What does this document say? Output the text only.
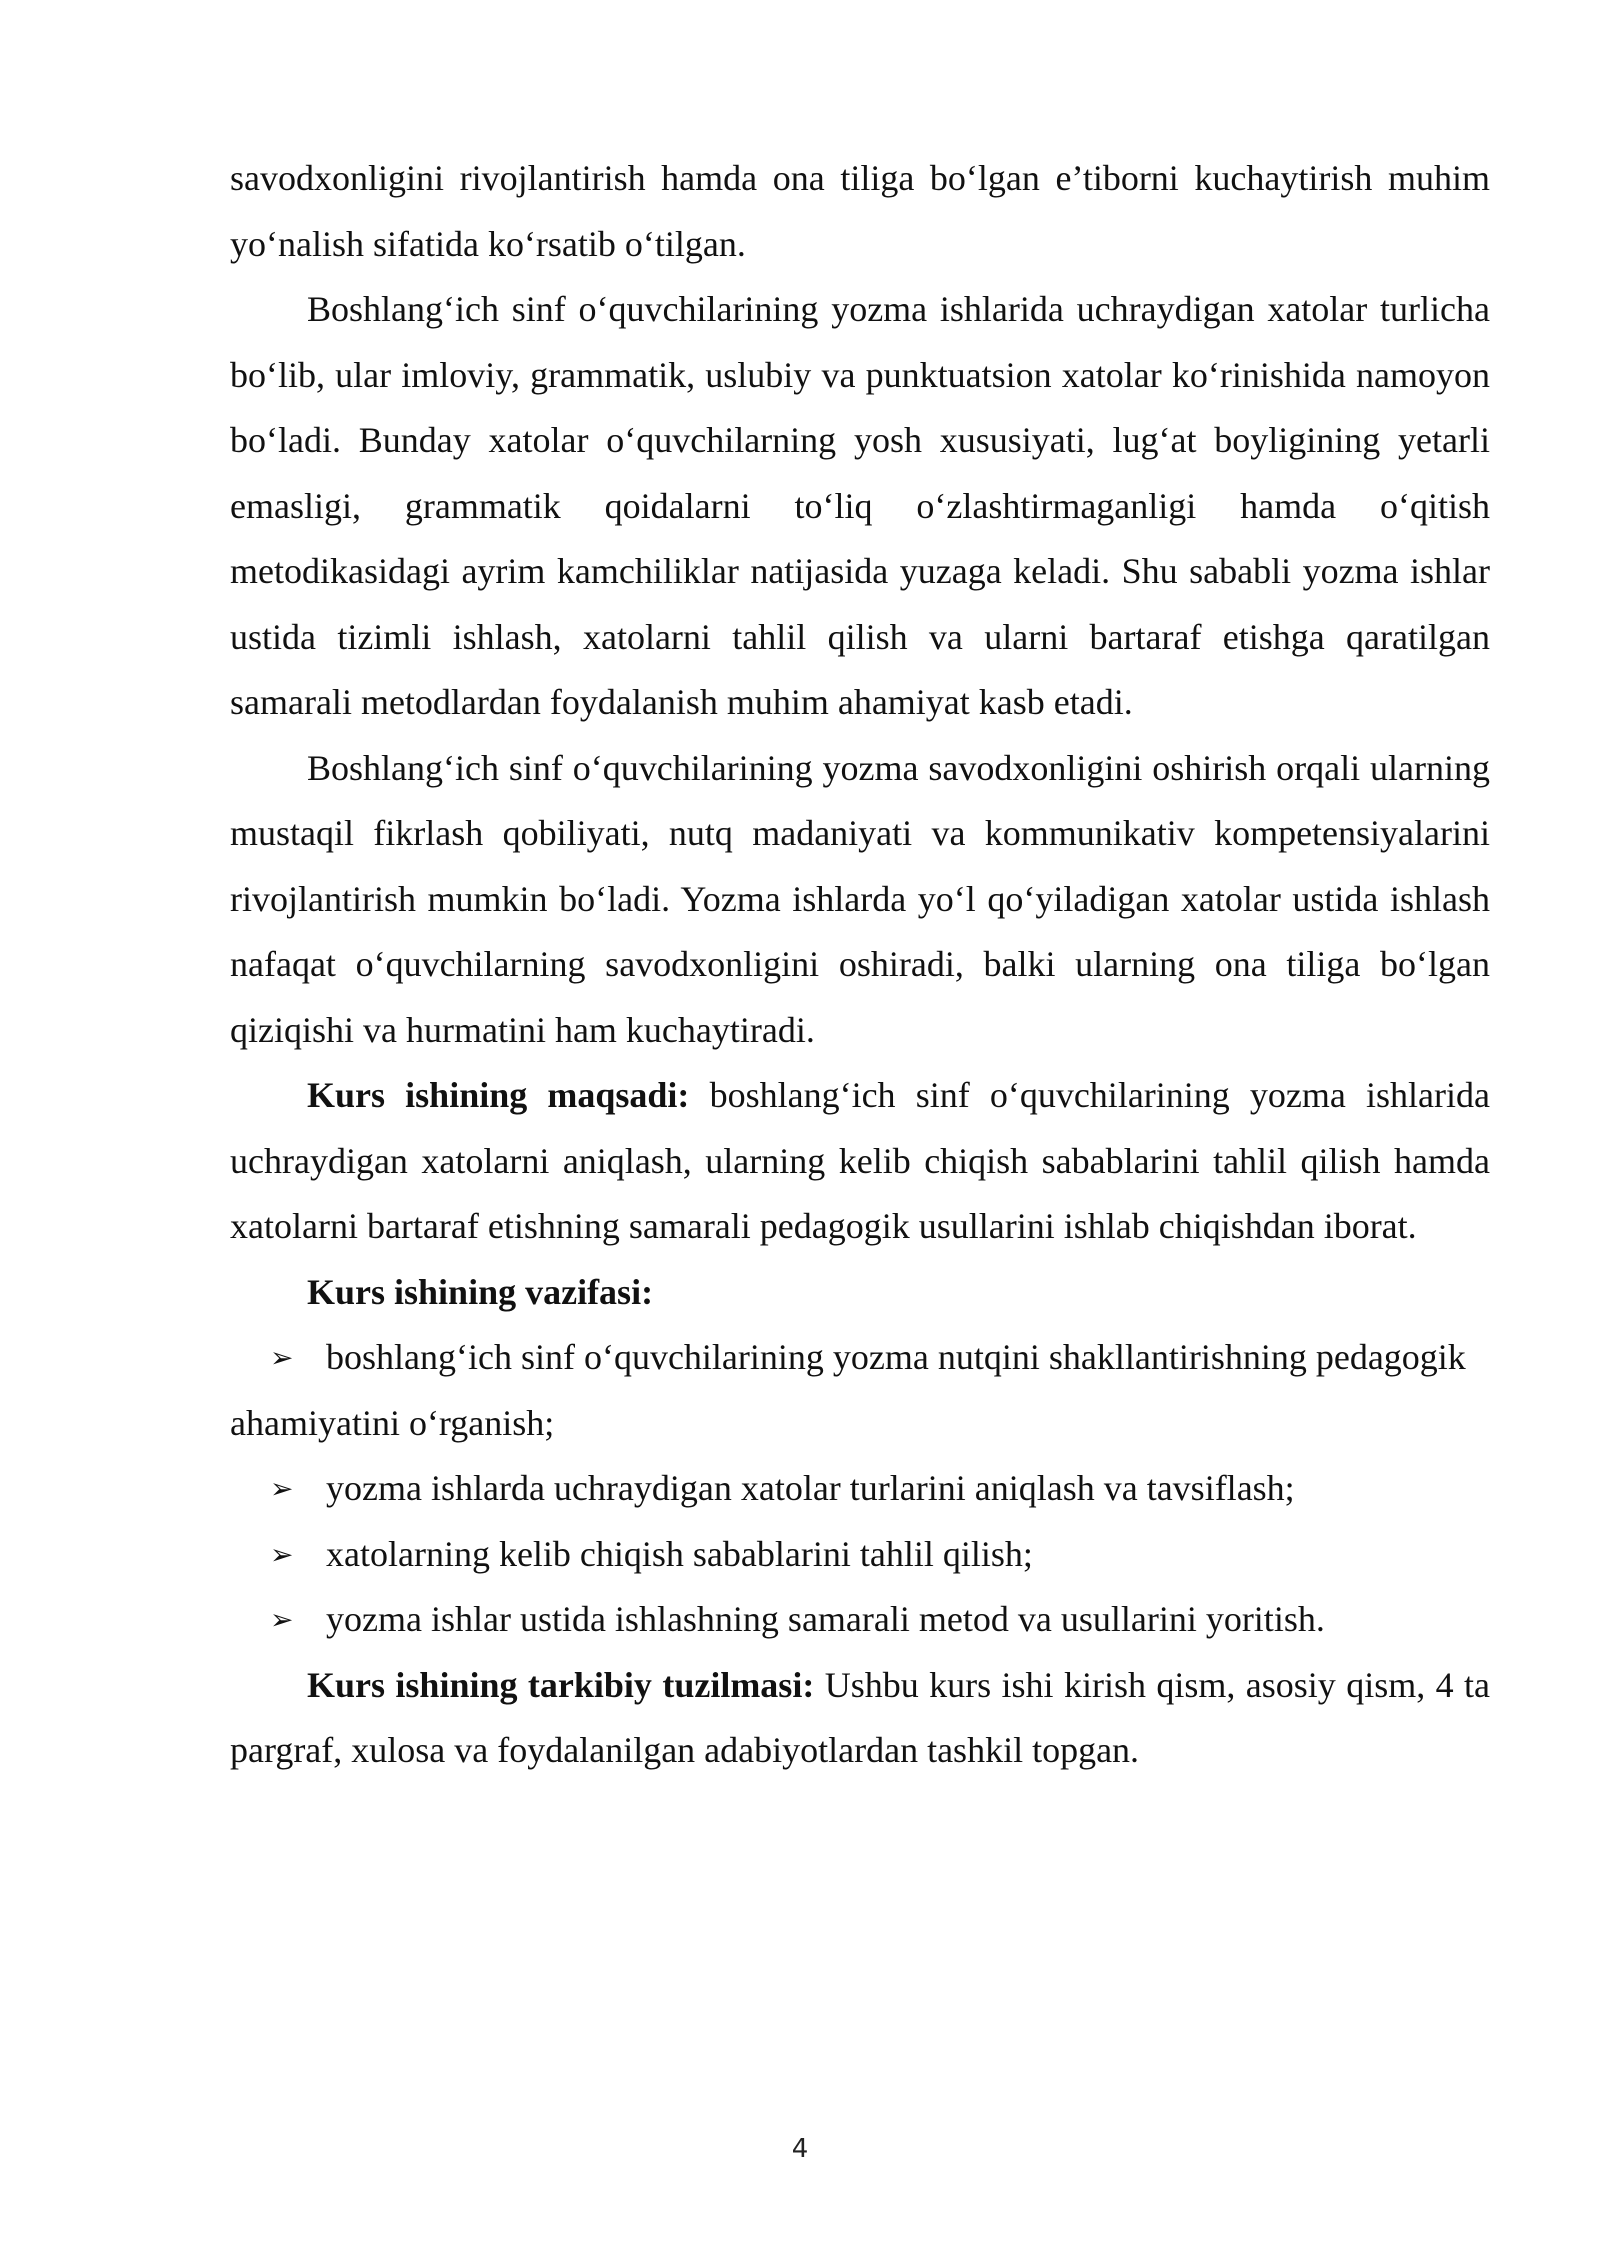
savodxonligini rivojlantirish hamda ona tiliga bo‘lgan e’tiborni kuchaytirish muhim yo‘nalish sifatida ko‘rsatib o‘tilgan.

Boshlang‘ich sinf o‘quvchilarining yozma ishlarida uchraydigan xatolar turlicha bo‘lib, ular imloviy, grammatik, uslubiy va punktuatsion xatolar ko‘rinishida namoyon bo‘ladi. Bunday xatolar o‘quvchilarning yosh xususiyati, lug‘at boyligining yetarli emasligi, grammatik qoidalarni to‘liq o‘zlashtirmaganligi hamda o‘qitish metodikasidagi ayrim kamchiliklar natijasida yuzaga keladi. Shu sababli yozma ishlar ustida tizimli ishlash, xatolarni tahlil qilish va ularni bartaraf etishga qaratilgan samarali metodlardan foydalanish muhim ahamiyat kasb etadi.

Boshlang‘ich sinf o‘quvchilarining yozma savodxonligini oshirish orqali ularning mustaqil fikrlash qobiliyati, nutq madaniyati va kommunikativ kompetensiyalarini rivojlantirish mumkin bo‘ladi. Yozma ishlarda yo‘l qo‘yiladigan xatolar ustida ishlash nafaqat o‘quvchilarning savodxonligini oshiradi, balki ularning ona tiliga bo‘lgan qiziqishi va hurmatini ham kuchaytiradi.

Kurs ishining maqsadi: boshlang‘ich sinf o‘quvchilarining yozma ishlarida uchraydigan xatolarni aniqlash, ularning kelib chiqish sabablarini tahlil qilish hamda xatolarni bartaraf etishning samarali pedagogik usullarini ishlab chiqishdan iborat.

Kurs ishining vazifasi:

➢ boshlang‘ich sinf o‘quvchilarining yozma nutqini shakllantirishning pedagogik ahamiyatini o‘rganish;

➢ yozma ishlarda uchraydigan xatolar turlarini aniqlash va tavsiflash;

➢ xatolarning kelib chiqish sabablarini tahlil qilish;

➢ yozma ishlar ustida ishlashning samarali metod va usullarini yoritish.

Kurs ishining tarkibiy tuzilmasi: Ushbu kurs ishi kirish qism, asosiy qism, 4 ta pargraf, xulosa va foydalanilgan adabiyotlardan tashkil topgan.

4
